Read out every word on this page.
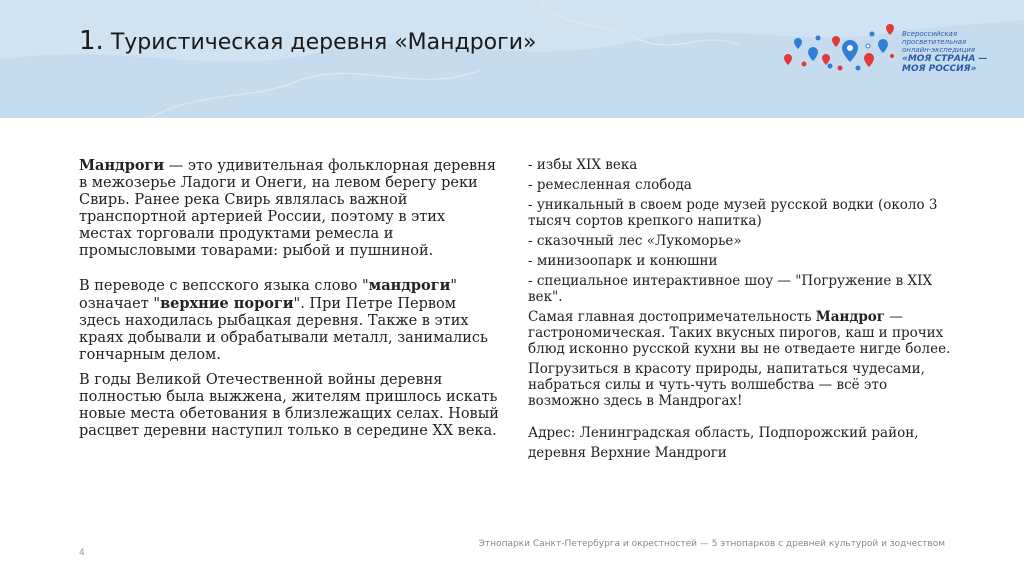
1. Туристическая деревня «Мандроги»	Всероссийская просветительная
онлайн-экспедиция
«МОЯ СТРАНА —
МОЯ РОССИЯ»

Мандроги — это удивительная фольклорная деревня в межозерье Ладоги и Онеги, на левом берегу реки Свирь. Ранее река Свирь являлась важной транспортной артерией России, поэтому в этих местах торговали продуктами ремесла и промысловыми товарами: рыбой и пушниной.

В переводе с вепсского языка слово "мандроги" означает "верхние пороги". При Петре Первом здесь находилась рыбацкая деревня. Также в этих краях добывали и обрабатывали металл, занимались гончарным делом.

В годы Великой Отечественной войны деревня полностью была выжжена, жителям пришлось искать новые места обетования в близлежащих селах. Новый расцвет деревни наступил только в середине XX века.

- избы XIX века

- ремесленная слобода

- уникальный в своем роде музей русской водки (около 3 тысяч сортов крепкого напитка)

- сказочный лес «Лукоморье»

- минизоопарк и конюшни

- специальное интерактивное шоу — "Погружение в XIX век".

Самая главная достопримечательность Мандрог — гастрономическая. Таких вкусных пирогов, каш и прочих блюд исконно русской кухни вы не отведаете нигде более.

Погрузиться в красоту природы, напитаться чудесами, набраться силы и чуть-чуть волшебства — всё это возможно здесь в Мандрогах!

Адрес: Ленинградская область, Подпорожский район,

деревня Верхние Мандроги

4
Этнопарки Санкт-Петербурга и окрестностей — 5 этнопарков с древней культурой и зодчеством
